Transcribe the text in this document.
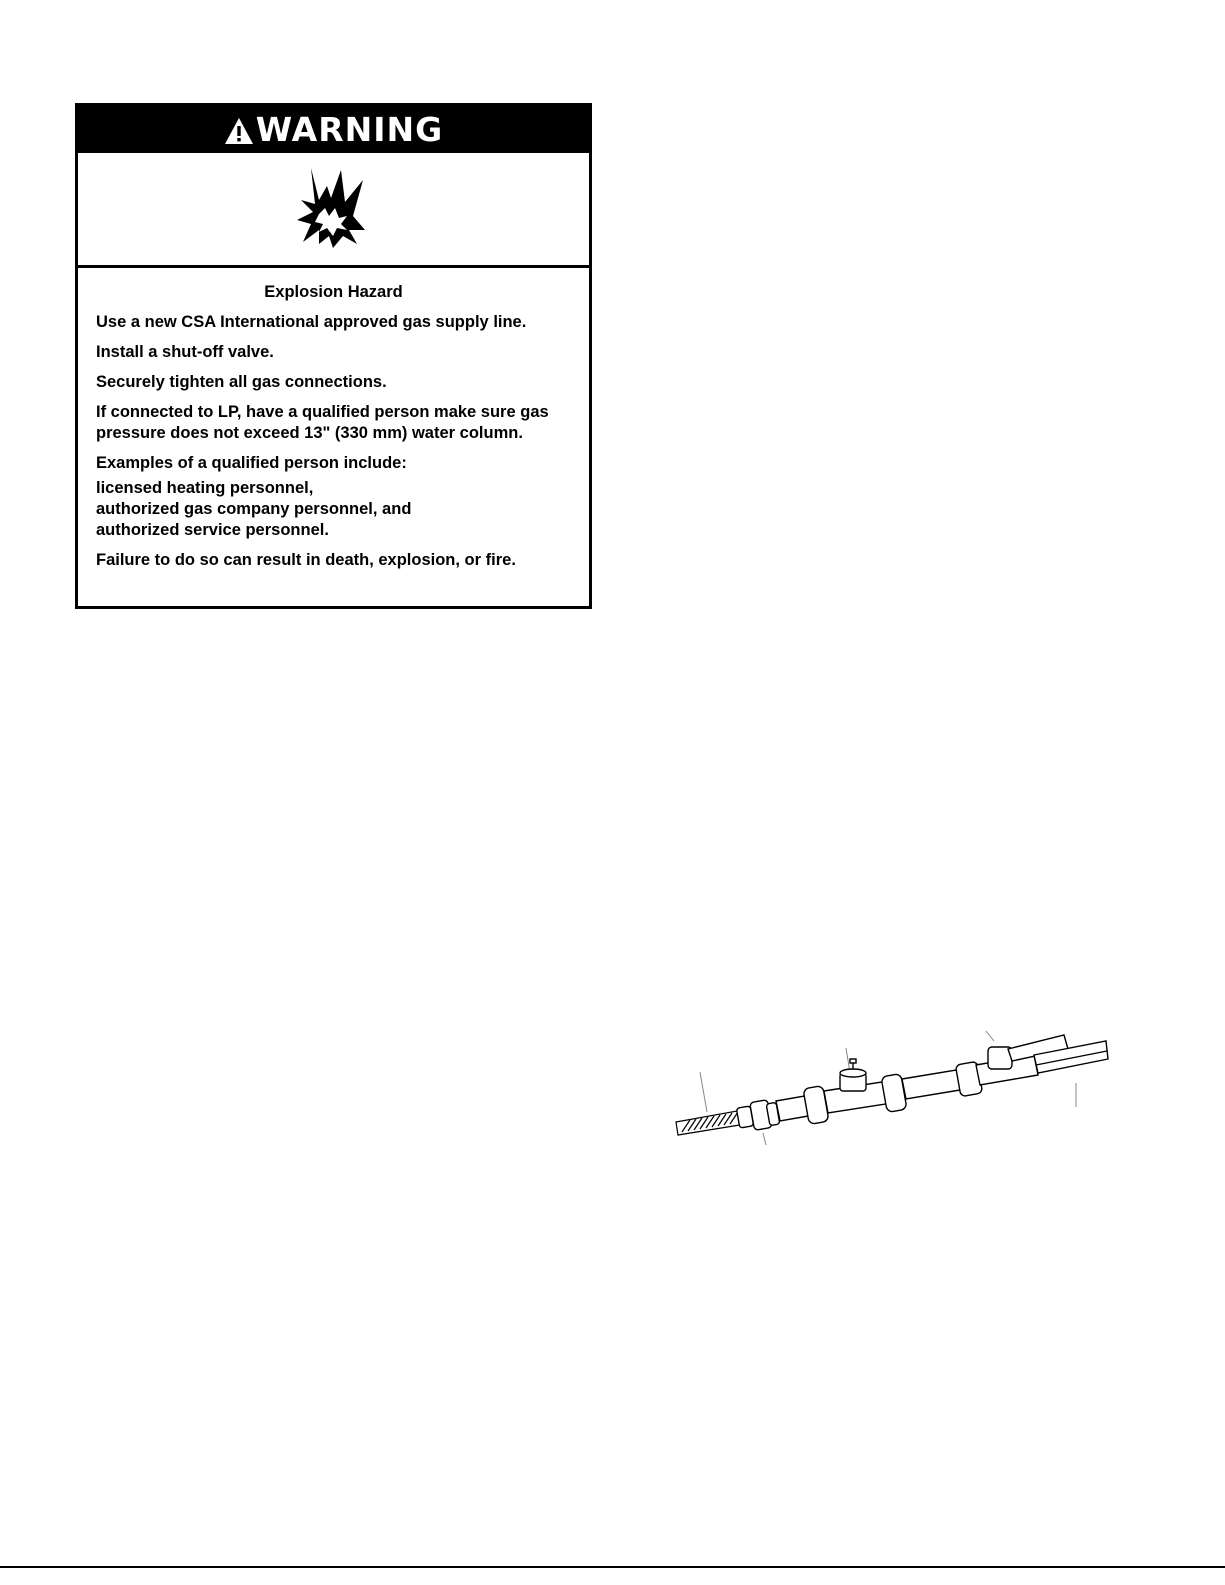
WARNING
Explosion Hazard

Use a new CSA International approved gas supply line.

Install a shut-off valve.

Securely tighten all gas connections.

If connected to LP, have a qualified person make sure gas pressure does not exceed 13" (330 mm) water column.

Examples of a qualified person include:

licensed heating personnel,
authorized gas company personnel, and
authorized service personnel.

Failure to do so can result in death, explosion, or fire.
